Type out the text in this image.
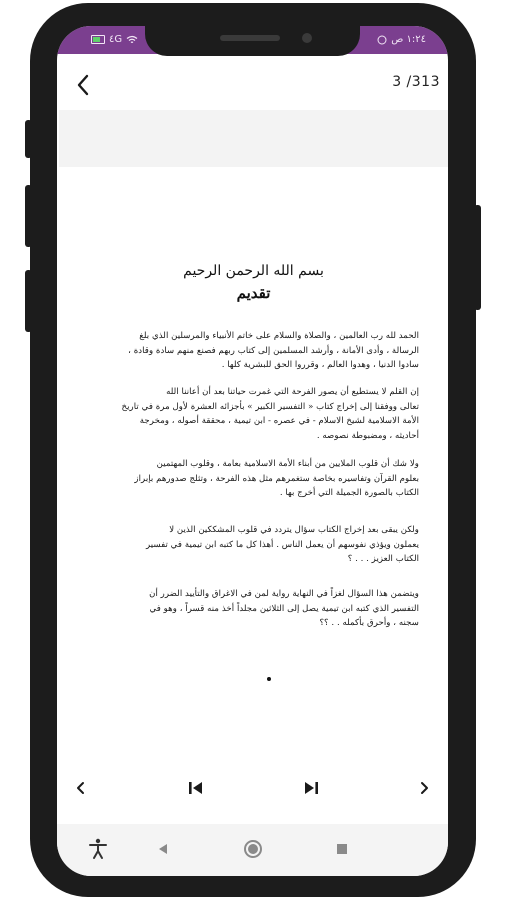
٤G	١:٢٤ ص
3 /313
بسم الله الرحمن الرحيم
تقديم
الحمد لله رب العالمين ، والصلاة والسلام على خاتم الأنبياء والمرسلين الذي بلغ
الرسالة ، وأدى الأمانة ، وأرشد المسلمين إلى كتاب ربهم فصنع منهم سادة وقادة ،
سادوا الدنيا ، وهدوا العالم ، وقرروا الحق للبشرية كلها .
إن القلم لا يستطيع أن يصور الفرحة التي غمرت حياتنا بعد أن أعاننا الله
تعالى ووفقنا إلى إخراج كتاب « التفسير الكبير » بأجزائه العشرة لأول مرة في تاريخ
الأمة الاسلامية لشيخ الاسلام - في عصره - ابن تيمية ، محققة أصوله ، ومخرجة
أحاديثه ، ومضبوطة نصوصه .
ولا شك أن قلوب الملايين من أبناء الأمة الاسلامية بعامة ، وقلوب المهتمين
بعلوم القرآن وتفاسيره بخاصة ستغمرهم مثل هذه الفرحة ، وتثلج صدورهم بإبراز
الكتاب بالصورة الجميلة التي أخرج بها .
ولكن يبقى بعد إخراج الكتاب سؤال يتردد في قلوب المشككين الذين لا
يعملون ويؤذي نفوسهم أن يعمل الناس . أهذا كل ما كتبه ابن تيمية في تفسير
الكتاب العزيز . . . ؟
ويتضمن هذا السؤال لغزاً في النهاية رواية لمن في الاغراق والتأييد الضرر أن
التفسير الذي كتبه ابن تيمية يصل إلى الثلاثين مجلداً أخذ منه قسراً ، وهو في
سجنه ، وأحرق بأكمله . . ؟؟
